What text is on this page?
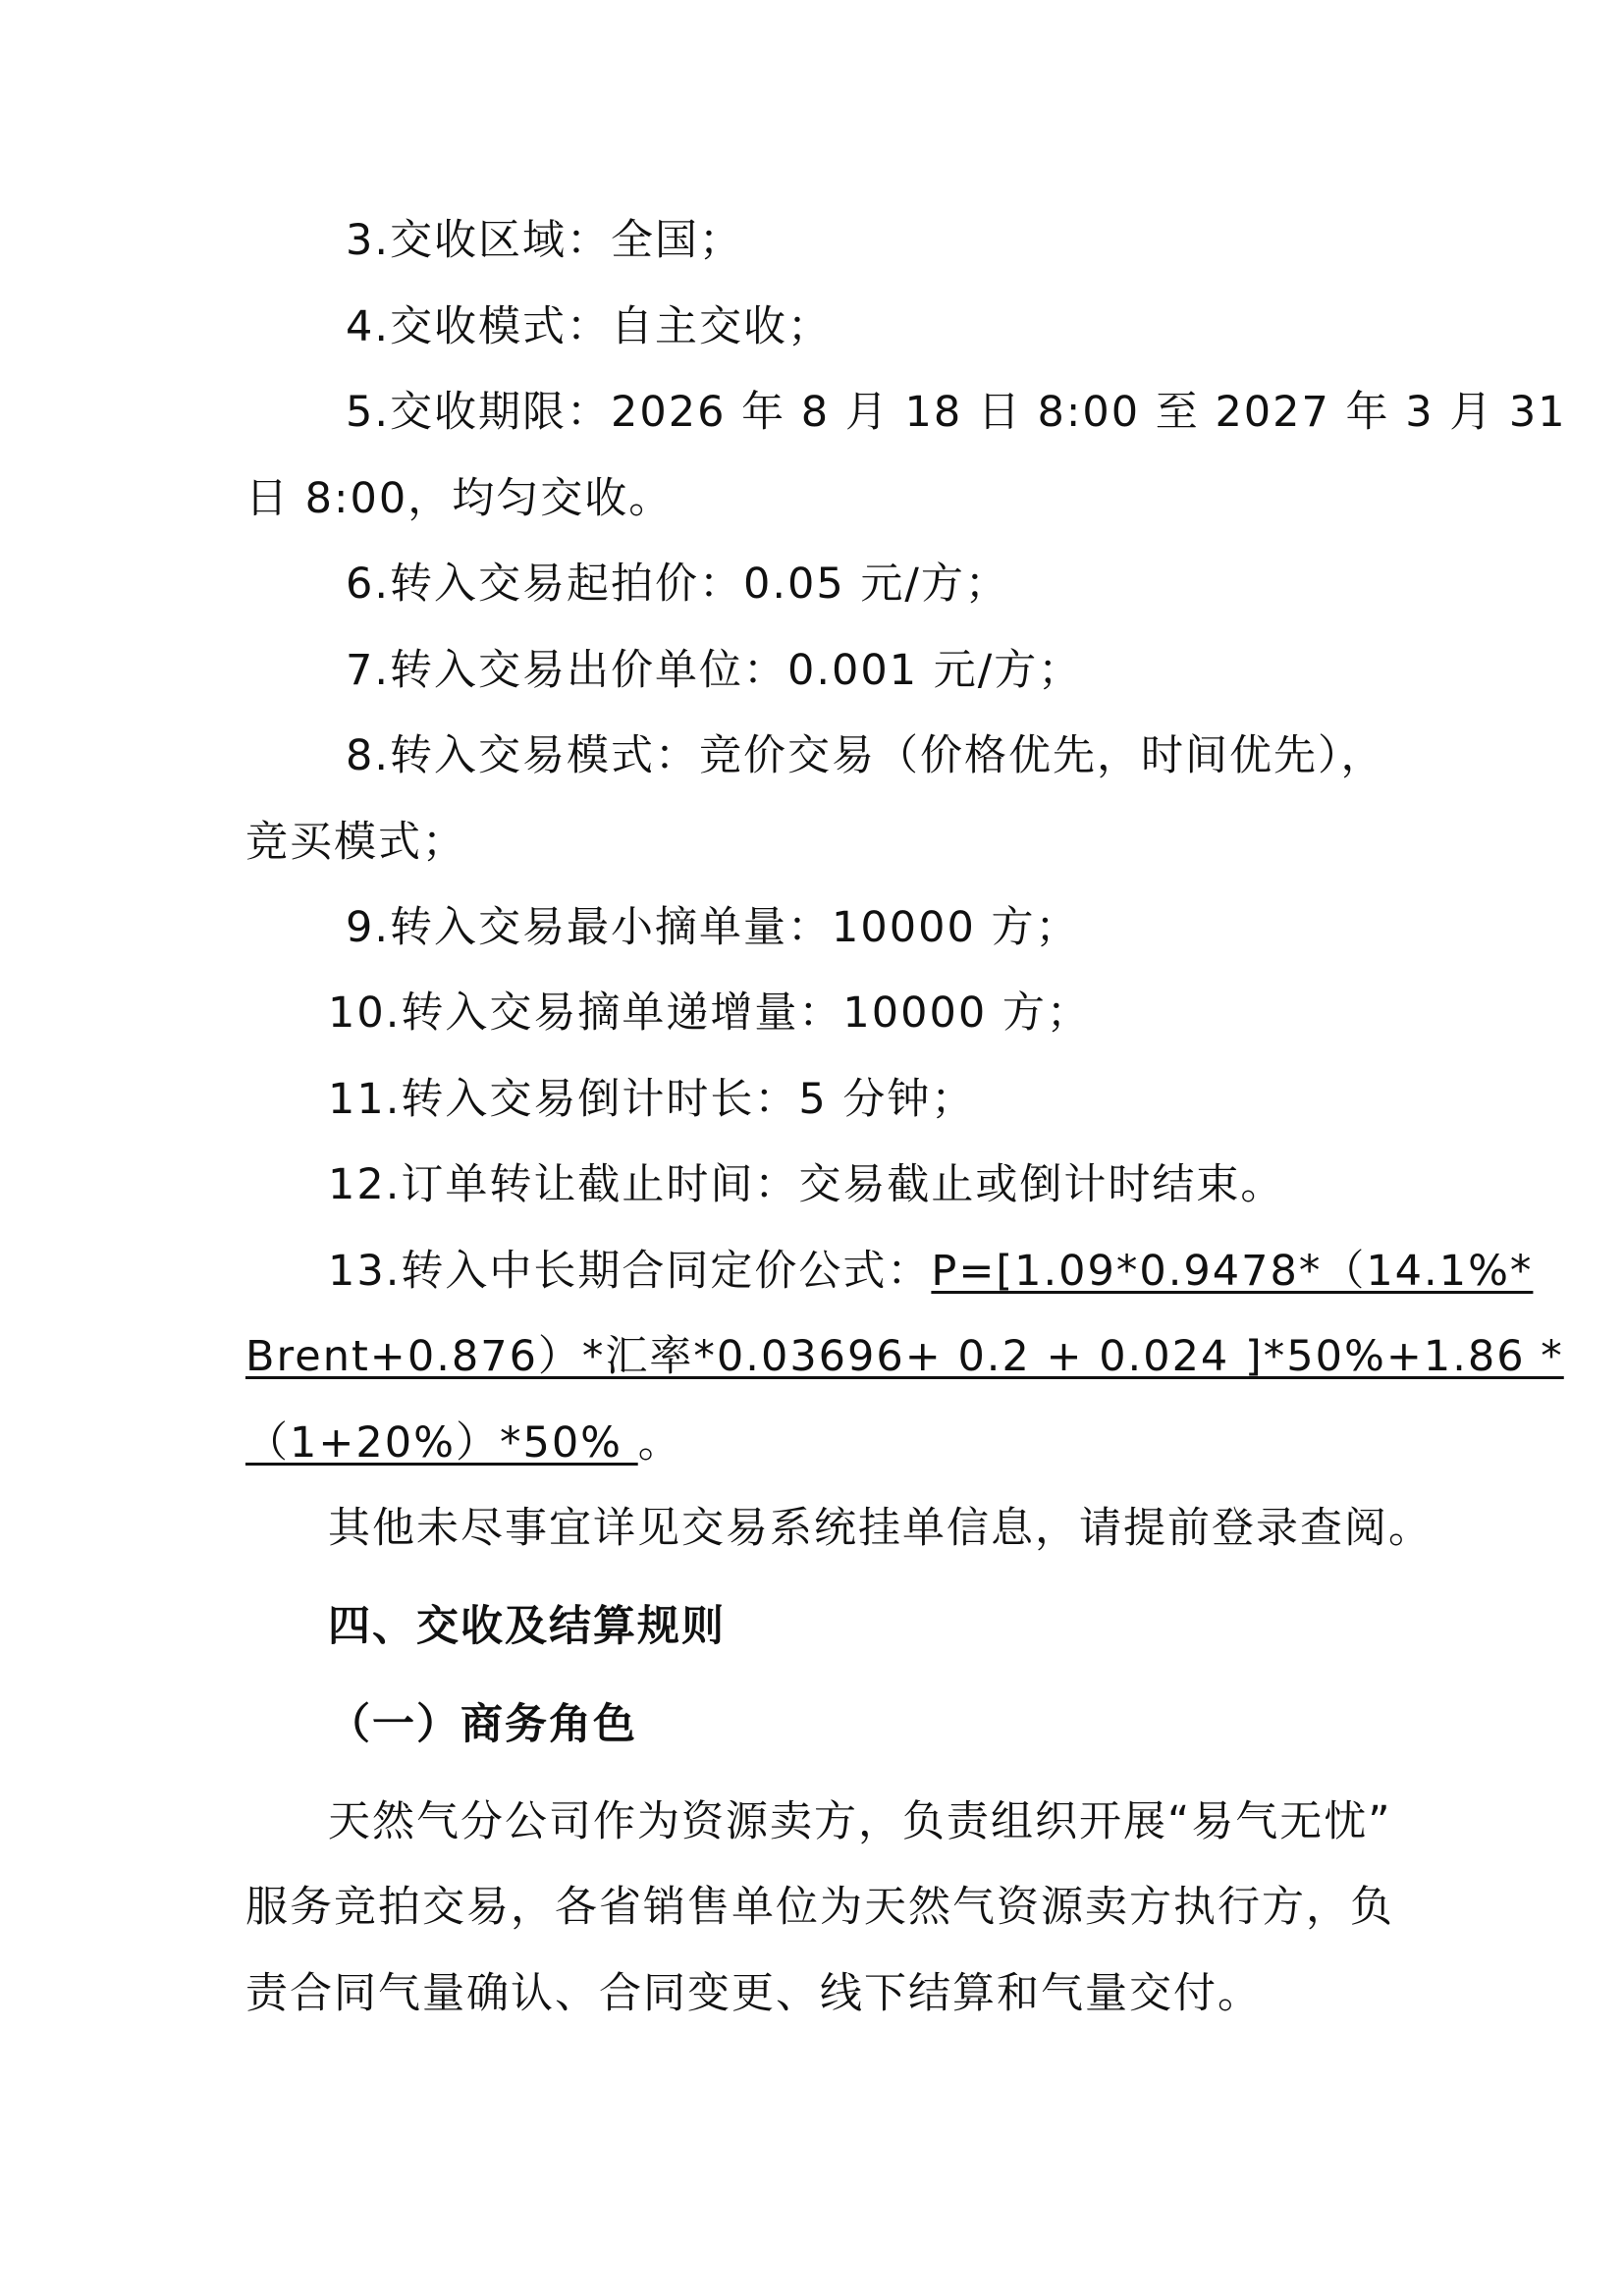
3.交收区域：全国；
4.交收模式：自主交收；
5.交收期限：2026 年 8 月 18 日 8:00 至 2027 年 3 月 31
日 8:00，均匀交收。
6.转入交易起拍价：0.05 元/方；
7.转入交易出价单位：0.001 元/方；
8.转入交易模式：竞价交易（价格优先，时间优先），
竞买模式；
9.转入交易最小摘单量：10000 方；
10.转入交易摘单递增量：10000 方；
11.转入交易倒计时长：5 分钟；
12.订单转让截止时间：交易截止或倒计时结束。
13.转入中长期合同定价公式：P=[1.09*0.9478*（14.1%*
Brent+0.876）*汇率*0.03696+ 0.2 + 0.024 ]*50%+1.86 *
（1+20%）*50% 。
其他未尽事宜详见交易系统挂单信息，请提前登录查阅。
四、交收及结算规则
（一）商务角色
天然气分公司作为资源卖方，负责组织开展“易气无忧”
服务竞拍交易，各省销售单位为天然气资源卖方执行方，负
责合同气量确认、合同变更、线下结算和气量交付。
